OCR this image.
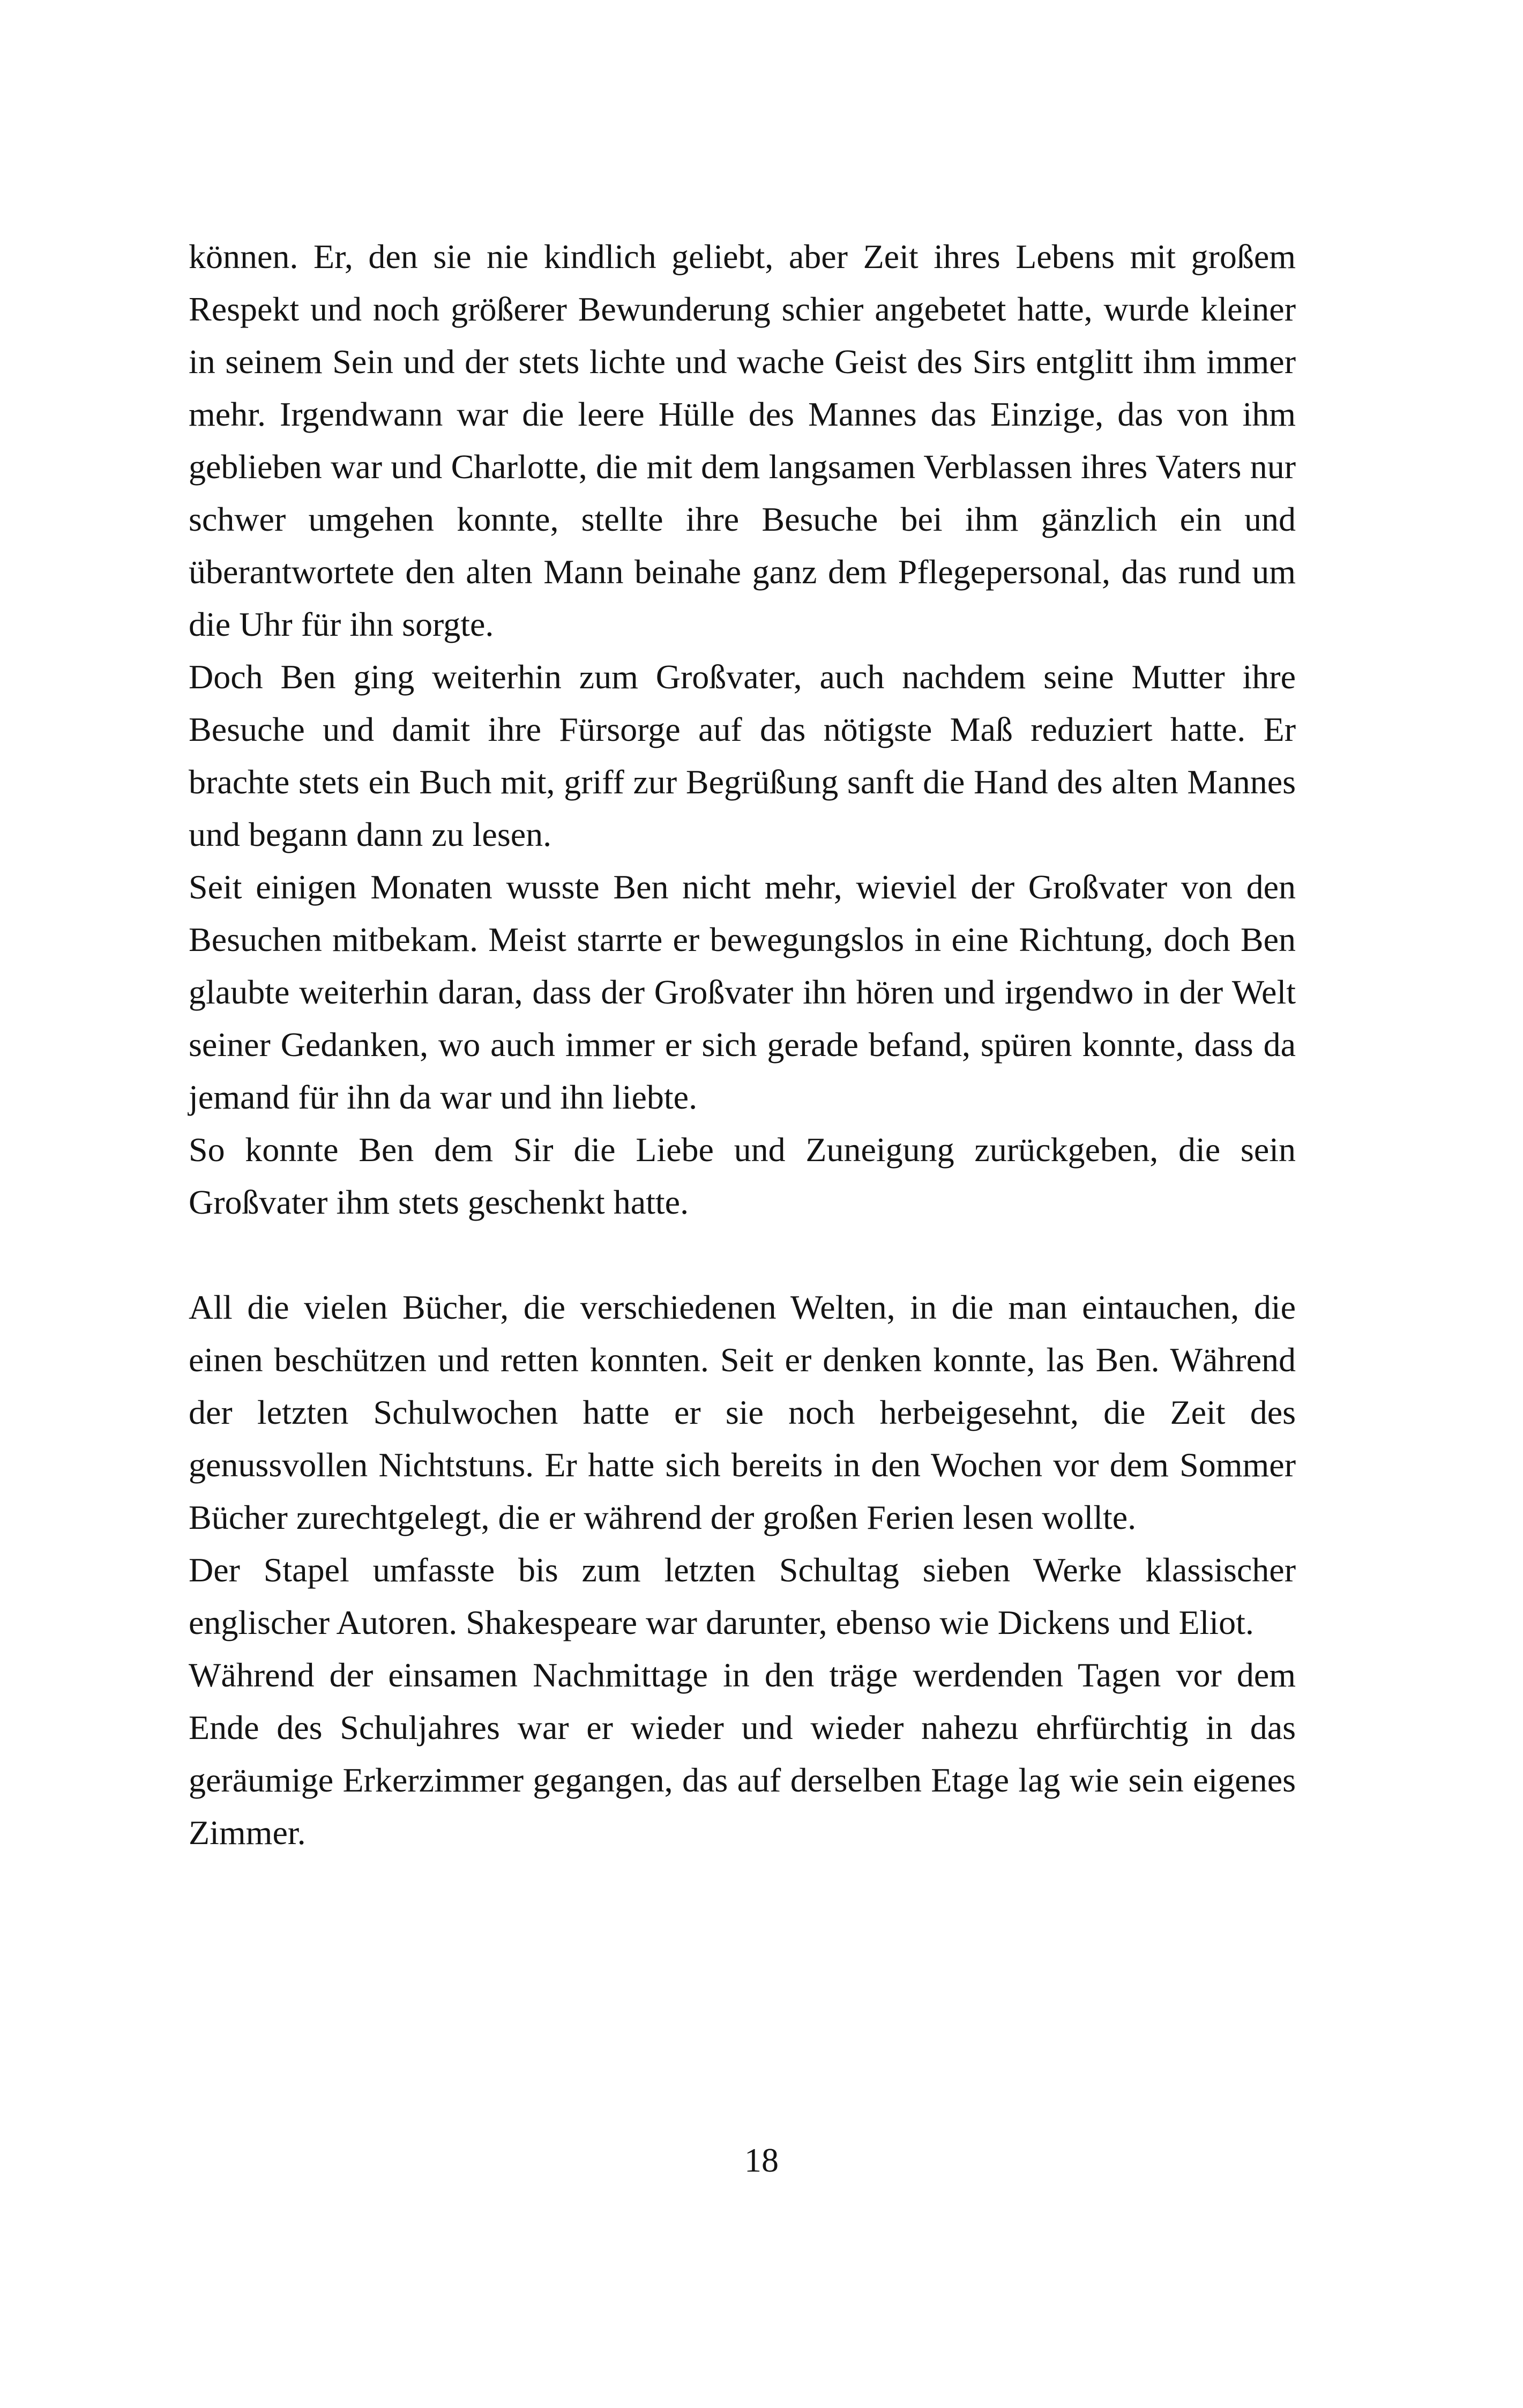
können. Er, den sie nie kindlich geliebt, aber Zeit ihres Lebens mit großem Respekt und noch größerer Bewunderung schier angebetet hatte, wurde kleiner in seinem Sein und der stets lichte und wache Geist des Sirs entglitt ihm immer mehr. Irgendwann war die leere Hülle des Mannes das Einzige, das von ihm geblieben war und Charlotte, die mit dem langsamen Verblassen ihres Vaters nur schwer umgehen konnte, stellte ihre Besuche bei ihm gänzlich ein und überantwortete den alten Mann beinahe ganz dem Pflegepersonal, das rund um die Uhr für ihn sorgte.

Doch Ben ging weiterhin zum Großvater, auch nachdem seine Mutter ihre Besuche und damit ihre Fürsorge auf das nötigste Maß reduziert hatte. Er brachte stets ein Buch mit, griff zur Begrüßung sanft die Hand des alten Mannes und begann dann zu lesen.

Seit einigen Monaten wusste Ben nicht mehr, wieviel der Großvater von den Besuchen mitbekam. Meist starrte er bewegungslos in eine Richtung, doch Ben glaubte weiterhin daran, dass der Großvater ihn hören und irgendwo in der Welt seiner Gedanken, wo auch immer er sich gerade befand, spüren konnte, dass da jemand für ihn da war und ihn liebte.

So konnte Ben dem Sir die Liebe und Zuneigung zurückgeben, die sein Großvater ihm stets geschenkt hatte.

All die vielen Bücher, die verschiedenen Welten, in die man eintauchen, die einen beschützen und retten konnten. Seit er denken konnte, las Ben. Während der letzten Schulwochen hatte er sie noch herbeigesehnt, die Zeit des genussvollen Nichtstuns. Er hatte sich bereits in den Wochen vor dem Sommer Bücher zurechtgelegt, die er während der großen Ferien lesen wollte.

Der Stapel umfasste bis zum letzten Schultag sieben Werke klassischer englischer Autoren. Shakespeare war darunter, ebenso wie Dickens und Eliot.

Während der einsamen Nachmittage in den träge werdenden Tagen vor dem Ende des Schuljahres war er wieder und wieder nahezu ehrfürchtig in das geräumige Erkerzimmer gegangen, das auf derselben Etage lag wie sein eigenes Zimmer.

18
